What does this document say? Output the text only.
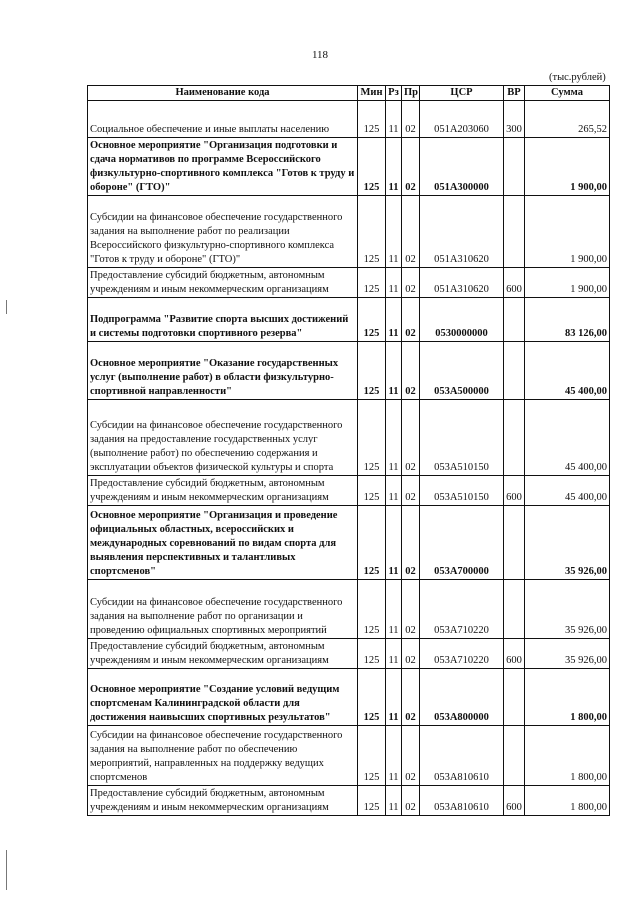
118
(тыс.рублей)
Наименование кода	Мин	Рз	Пр	ЦСР	ВР	Сумма
Социальное обеспечение и иные выплаты населению	125	11	02	051А203060	300	265,52
Основное мероприятие "Организация подготовки и сдача нормативов по программе Всероссийского физкультурно-спортивного комплекса "Готов к труду и обороне" (ГТО)"	125	11	02	051А300000		1 900,00
Субсидии на финансовое обеспечение государственного задания на выполнение работ по реализации Всероссийского физкультурно-спортивного комплекса "Готов к труду и обороне" (ГТО)"	125	11	02	051А310620		1 900,00
Предоставление субсидий бюджетным, автономным учреждениям и иным некоммерческим организациям	125	11	02	051А310620	600	1 900,00
Подпрограмма "Развитие спорта высших достижений и системы подготовки спортивного резерва"	125	11	02	0530000000		83 126,00
Основное мероприятие "Оказание государственных услуг (выполнение работ) в области физкультурно-спортивной направленности"	125	11	02	053А500000		45 400,00
Субсидии на финансовое обеспечение государственного задания на предоставление государственных услуг (выполнение работ) по обеспечению содержания и эксплуатации объектов физической культуры и спорта	125	11	02	053А510150		45 400,00
Предоставление субсидий бюджетным, автономным учреждениям и иным некоммерческим организациям	125	11	02	053А510150	600	45 400,00
Основное мероприятие "Организация и проведение официальных областных, всероссийских и международных соревнований по видам спорта для выявления перспективных и талантливых спортсменов"	125	11	02	053А700000		35 926,00
Субсидии на финансовое обеспечение государственного задания на выполнение работ по организации и проведению официальных спортивных мероприятий	125	11	02	053А710220		35 926,00
Предоставление субсидий бюджетным, автономным учреждениям и иным некоммерческим организациям	125	11	02	053А710220	600	35 926,00
Основное мероприятие "Создание условий ведущим спортсменам Калининградской области для достижения наивысших спортивных результатов"	125	11	02	053А800000		1 800,00
Субсидии на финансовое обеспечение государственного задания на выполнение работ по обеспечению мероприятий, направленных на поддержку ведущих спортсменов	125	11	02	053А810610		1 800,00
Предоставление субсидий бюджетным, автономным учреждениям и иным некоммерческим организациям	125	11	02	053А810610	600	1 800,00
